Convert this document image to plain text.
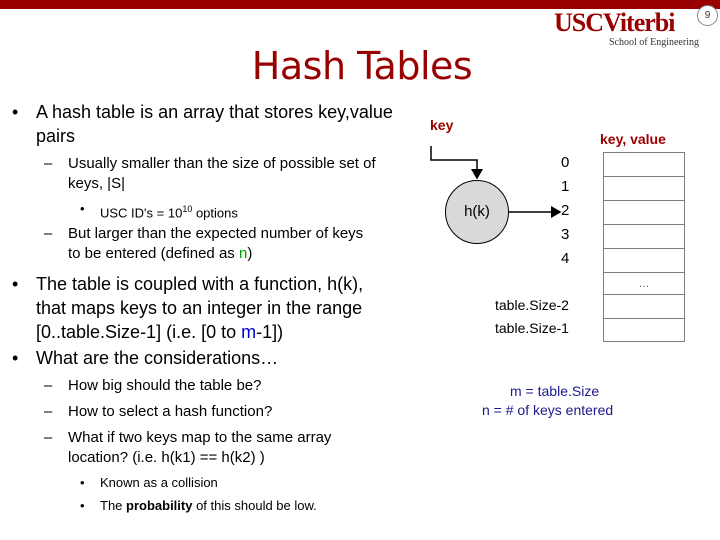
9
USCViterbi
School of Engineering
Hash Tables
• A hash table is an array that stores key,value
pairs
– Usually smaller than the size of possible set of
keys, |S|
• USC $ID's = 10^{10}$ options
– But larger than the expected number of keys
to be entered (defined as n)
• The table is coupled with a function, h(k),
that maps keys to an integer in the range
[0..table.Size-1] (i.e. [0 to m-1])
• What are the considerations…
– How big should the table be?
– How to select a hash function?
– What if two keys map to the same array
location? (i.e. h(k1) == h(k2) )
• Known as a collision
• The probability of this should be low.
key
key, value
h(k)
0
1
2
3
4
…
table.Size-2
table.Size-1
m = table.Size
n = # of keys entered
